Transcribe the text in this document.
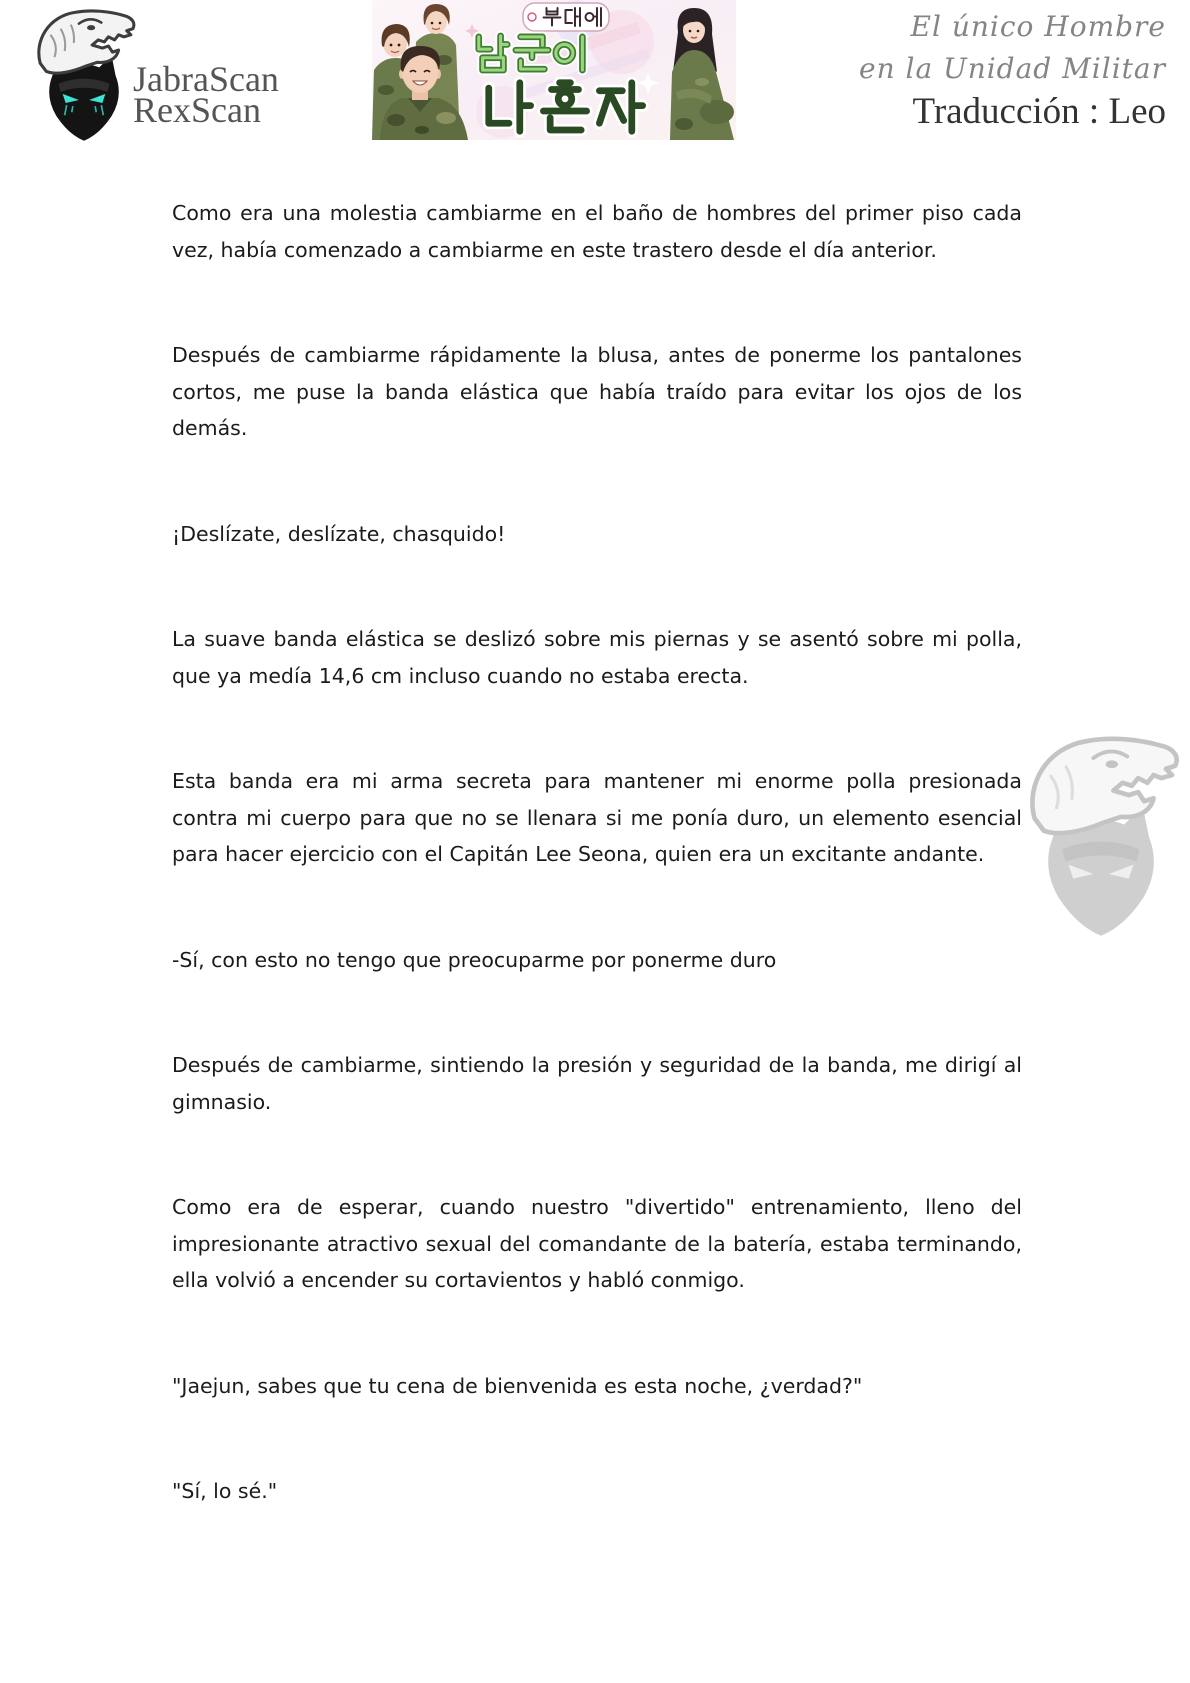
JabraScan
RexScan
El único Hombre
en la Unidad Militar
Traducción : Leo

Como era una molestia cambiarme en el baño de hombres del primer piso cada vez, había comenzado a cambiarme en este trastero desde el día anterior.

Después de cambiarme rápidamente la blusa, antes de ponerme los pantalones cortos, me puse la banda elástica que había traído para evitar los ojos de los demás.

¡Deslízate, deslízate, chasquido!

La suave banda elástica se deslizó sobre mis piernas y se asentó sobre mi polla, que ya medía 14,6 cm incluso cuando no estaba erecta.

Esta banda era mi arma secreta para mantener mi enorme polla presionada contra mi cuerpo para que no se llenara si me ponía duro, un elemento esencial para hacer ejercicio con el Capitán Lee Seona, quien era un excitante andante.

-Sí, con esto no tengo que preocuparme por ponerme duro

Después de cambiarme, sintiendo la presión y seguridad de la banda, me dirigí al gimnasio.

Como era de esperar, cuando nuestro "divertido" entrenamiento, lleno del impresionante atractivo sexual del comandante de la batería, estaba terminando, ella volvió a encender su cortavientos y habló conmigo.

"Jaejun, sabes que tu cena de bienvenida es esta noche, ¿verdad?"

"Sí, lo sé."
